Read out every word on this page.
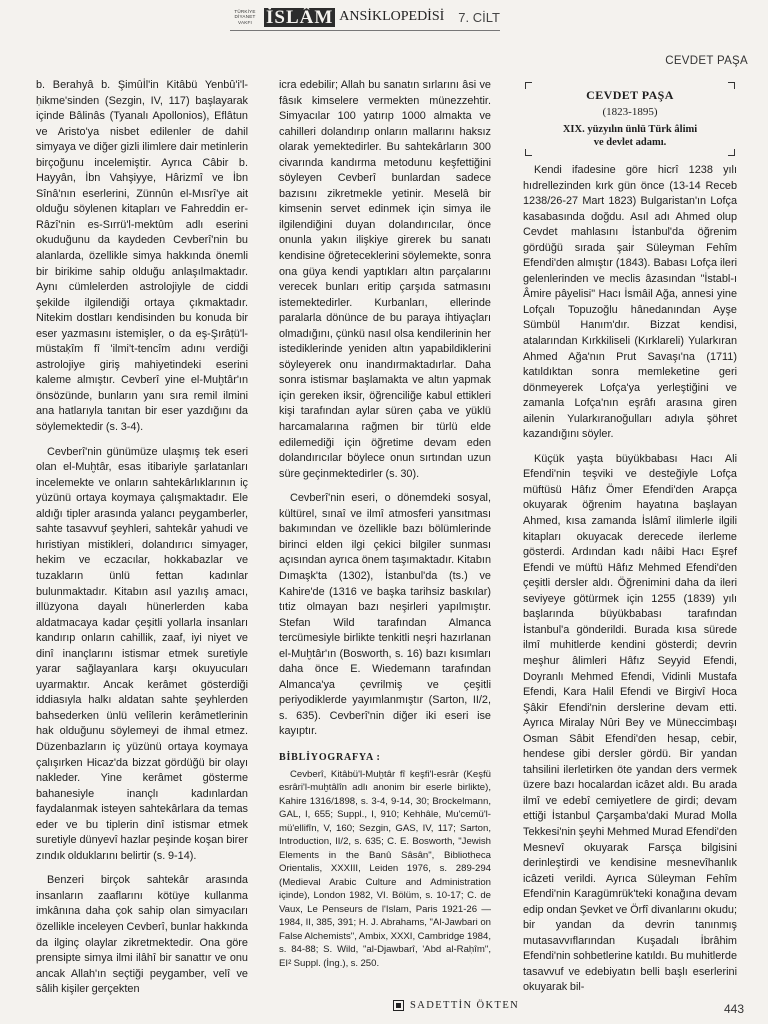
TÜRKİYE
DİYANET
VAKFI İSLÂM ANSİKLOPEDİSİ 7. CİLT
CEVDET PAŞA

b. Berahyâ b. Şimûİl'in Kitâbü Yenbû'i'l-ḥikme'sinden (Sezgin, IV, 117) başlayarak içinde Bâlinâs (Tyanalı Apollonios), Eflâtun ve Aristo'ya nisbet edilenler de dahil simyaya ve diğer gizli ilimlere dair metinlerin birçoğunu incelemiştir. Ayrıca Câbir b. Hayyân, İbn Vahşiyye, Hârizmî ve İbn Sînâ'nın eserlerini, Zünnûn el-Mısrî'ye ait olduğu söylenen kitapları ve Fahreddin er-Râzî'nin es-Sırrü'l-mektûm adlı eserini okuduğunu da kaydeden Cevberî'nin bu alanlarda, özellikle simya hakkında önemli bir birikime sahip olduğu anlaşılmaktadır. Aynı cümlelerden astrolojiyle de ciddi şekilde ilgilendiği ortaya çıkmaktadır. Nitekim dostları kendisinden bu konuda bir eser yazmasını istemişler, o da eş-Şırâṭü'l-müstaḳîm fî 'ilmi't-tencîm adını verdiği astrolojiye giriş mahiyetindeki eserini kaleme almıştır. Cevberî yine el-Muḫtâr'ın önsözünde, bunların yanı sıra remil ilmini ana hatlarıyla tanıtan bir eser yazdığını da söylemektedir (s. 3-4).

Cevberî'nin günümüze ulaşmış tek eseri olan el-Muḫtâr, esas itibariyle şarlatanları incelemekte ve onların sahtekârlıklarının iç yüzünü ortaya koymaya çalışmaktadır. Ele aldığı tipler arasında yalancı peygamberler, sahte tasavvuf şeyhleri, sahtekâr yahudi ve hıristiyan mistikleri, dolandırıcı simyager, hekim ve eczacılar, hokkabazlar ve tuzakların ünlü fettan kadınlar bulunmaktadır. Kitabın asıl yazılış amacı, illüzyona dayalı hünerlerden kaba aldatmacaya kadar çeşitli yollarla insanları kandırıp onların cahillik, zaaf, iyi niyet ve dinî inançlarını istismar etmek suretiyle yarar sağlayanlara karşı okuyucuları uyarmaktır. Ancak kerâmet gösterdiği iddiasıyla halkı aldatan sahte şeyhlerden bahsederken ünlü velîlerin kerâmetlerinin hak olduğunu söylemeyi de ihmal etmez. Düzenbazların iç yüzünü ortaya koymaya çalışırken Hicaz'da bizzat gördüğü bir olayı nakleder. Yine kerâmet gösterme bahanesiyle inançlı kadınlardan faydalanmak isteyen sahtekârlara da temas eder ve bu tiplerin dinî istismar etmek suretiyle dünyevî hazlar peşinde koşan birer zındık olduklarını belirtir (s. 9-14).

Benzeri birçok sahtekâr arasında insanların zaaflarını kötüye kullanma imkânına daha çok sahip olan simyacıları özellikle inceleyen Cevberî, bunlar hakkında da ilginç olaylar zikretmektedir. Ona göre prensipte simya ilmi ilâhî bir sanattır ve onu ancak Allah'ın seçtiği peygamber, velî ve sâlih kişiler gerçekten

icra edebilir; Allah bu sanatın sırlarını âsi ve fâsık kimselere vermekten münezzehtir. Simyacılar 100 yatırıp 1000 almakta ve cahilleri dolandırıp onların mallarını haksız olarak yemektedirler. Bu sahtekârların 300 civarında kandırma metodunu keşfettiğini söyleyen Cevberî bunlardan sadece bazısını zikretmekle yetinir. Meselâ bir kimsenin servet edinmek için simya ile ilgilendiğini duyan dolandırıcılar, önce onunla yakın ilişkiye girerek bu sanatı kendisine öğreteceklerini söylemekte, sonra ona güya kendi yaptıkları altın parçalarını verecek bunları eritip çarşıda satmasını istemektedirler. Kurbanları, ellerinde paralarla dönünce de bu paraya ihtiyaçları olmadığını, çünkü nasıl olsa kendilerinin her istediklerinde yeniden altın yapabildiklerini söyleyerek onu inandırmaktadırlar. Daha sonra istismar başlamakta ve altın yapmak için gereken iksir, öğrenciliğe kabul ettikleri kişi tarafından aylar süren çaba ve yüklü harcamalarına rağmen bir türlü elde edilemediği için öğretime devam eden dolandırıcılar böylece onun sırtından uzun süre geçinmektedirler (s. 30).

Cevberî'nin eseri, o dönemdeki sosyal, kültürel, sınaî ve ilmî atmosferi yansıtması bakımından ve özellikle bazı bölümlerinde birinci elden ilgi çekici bilgiler sunması açısından ayrıca önem taşımaktadır. Kitabın Dımaşk'ta (1302), İstanbul'da (ts.) ve Kahire'de (1316 ve başka tarihsiz baskılar) tıtiz olmayan bazı neşirleri yapılmıştır. Stefan Wild tarafından Almanca tercümesiyle birlikte tenkitli neşri hazırlanan el-Muḫtâr'ın (Bosworth, s. 16) bazı kısımları daha önce E. Wiedemann tarafından Almanca'ya çevrilmiş ve çeşitli periyodiklerde yayımlanmıştır (Sarton, II/2, s. 635). Cevberî'nin diğer iki eseri ise kayıptır.

BİBLİYOGRAFYA :

Cevberî, Kitâbü'l-Muḫtâr fî keşfi'l-esrâr (Keşfü esrâri'l-muḫtâlîn adlı anonim bir eserle birlikte), Kahire 1316/1898, s. 3-4, 9-14, 30; Brockelmann, GAL, I, 655; Suppl., I, 910; Kehhâle, Mu'cemü'l-mü'ellifîn, V, 160; Sezgin, GAS, IV, 117; Sarton, Introduction, II/2, s. 635; C. E. Bosworth, "Jewish Elements in the Banû Sâsân", Bibliotheca Orientalis, XXXIII, Leiden 1976, s. 289-294 (Medieval Arabic Culture and Administration içinde), London 1982, VI. Bölüm, s. 10-17; C. de Vaux, Le Penseurs de l'Islam, Paris 1921-26 — 1984, II, 385, 391; H. J. Abrahams, "Al-Jawbari on False Alchemists", Ambix, XXXI, Cambridge 1984, s. 84-88; S. Wild, "al-Djawbarî, 'Abd al-Raḥîm", EI² Suppl. (İng.), s. 250.

SADETTİN ÖKTEN
CEVDET PAŞA
(1823-1895)
XIX. yüzyılın ünlü Türk âlimi
ve devlet adamı.

Kendi ifadesine göre hicrî 1238 yılı hıdrellezinden kırk gün önce (13-14 Receb 1238/26-27 Mart 1823) Bulgaristan'ın Lofça kasabasında doğdu. Asıl adı Ahmed olup Cevdet mahlasını İstanbul'da öğrenim gördüğü sırada şair Süleyman Fehîm Efendi'den almıştır (1843). Babası Lofça ileri gelenlerinden ve meclis âzasından "İstabl-ı Âmire pâyelisi" Hacı İsmâil Ağa, annesi yine Lofçalı Topuzoğlu hânedanından Ayşe Sümbül Hanım'dır. Bizzat kendisi, atalarından Kırkkiliseli (Kırklareli) Yularkıran Ahmed Ağa'nın Prut Savaşı'na (1711) katıldıktan sonra memleketine geri dönmeyerek Lofça'ya yerleştiğini ve zamanla Lofça'nın eşrâfı arasına giren ailenin Yularkıranoğulları adıyla şöhret kazandığını söyler.

Küçük yaşta büyükbabası Hacı Ali Efendi'nin teşviki ve desteğiyle Lofça müftüsü Hâfız Ömer Efendi'den Arapça okuyarak öğrenim hayatına başlayan Ahmed, kısa zamanda İslâmî ilimlerle ilgili kitapları okuyacak derecede ilerleme gösterdi. Ardından kadı nâibi Hacı Eşref Efendi ve müftü Hâfız Mehmed Efendi'den çeşitli dersler aldı. Öğrenimini daha da ileri seviyeye götürmek için 1255 (1839) yılı başlarında büyükbabası tarafından İstanbul'a gönderildi. Burada kısa sürede ilmî muhitlerde kendini gösterdi; devrin meşhur âlimleri Hâfız Seyyid Efendi, Doyranlı Mehmed Efendi, Vidinli Mustafa Efendi, Kara Halil Efendi ve Birgivî Hoca Şâkir Efendi'nin derslerine devam etti. Ayrıca Miralay Nûri Bey ve Müneccimbaşı Osman Sâbit Efendi'den hesap, cebir, hendese gibi dersler gördü. Bir yandan tahsilini ilerletirken öte yandan ders vermek üzere bazı hocalardan icâzet aldı. Bu arada ilmî ve edebî cemiyetlere de girdi; devam ettiği İstanbul Çarşamba'daki Murad Molla Tekkesi'nin şeyhi Mehmed Murad Efendi'den Mesnevî okuyarak Farsça bilgisini derinleştirdi ve kendisine mesnevîhanlık icâzeti verildi. Ayrıca Süleyman Fehîm Efendi'nin Karagümrük'teki konağına devam edip ondan Şevket ve Örfî divanlarını okudu; bir yandan da devrin tanınmış mutasavvıflarından Kuşadalı İbrâhim Efendi'nin sohbetlerine katıldı. Bu muhitlerde tasavvuf ve edebiyatın belli başlı eserlerini okuyarak bil-

443
